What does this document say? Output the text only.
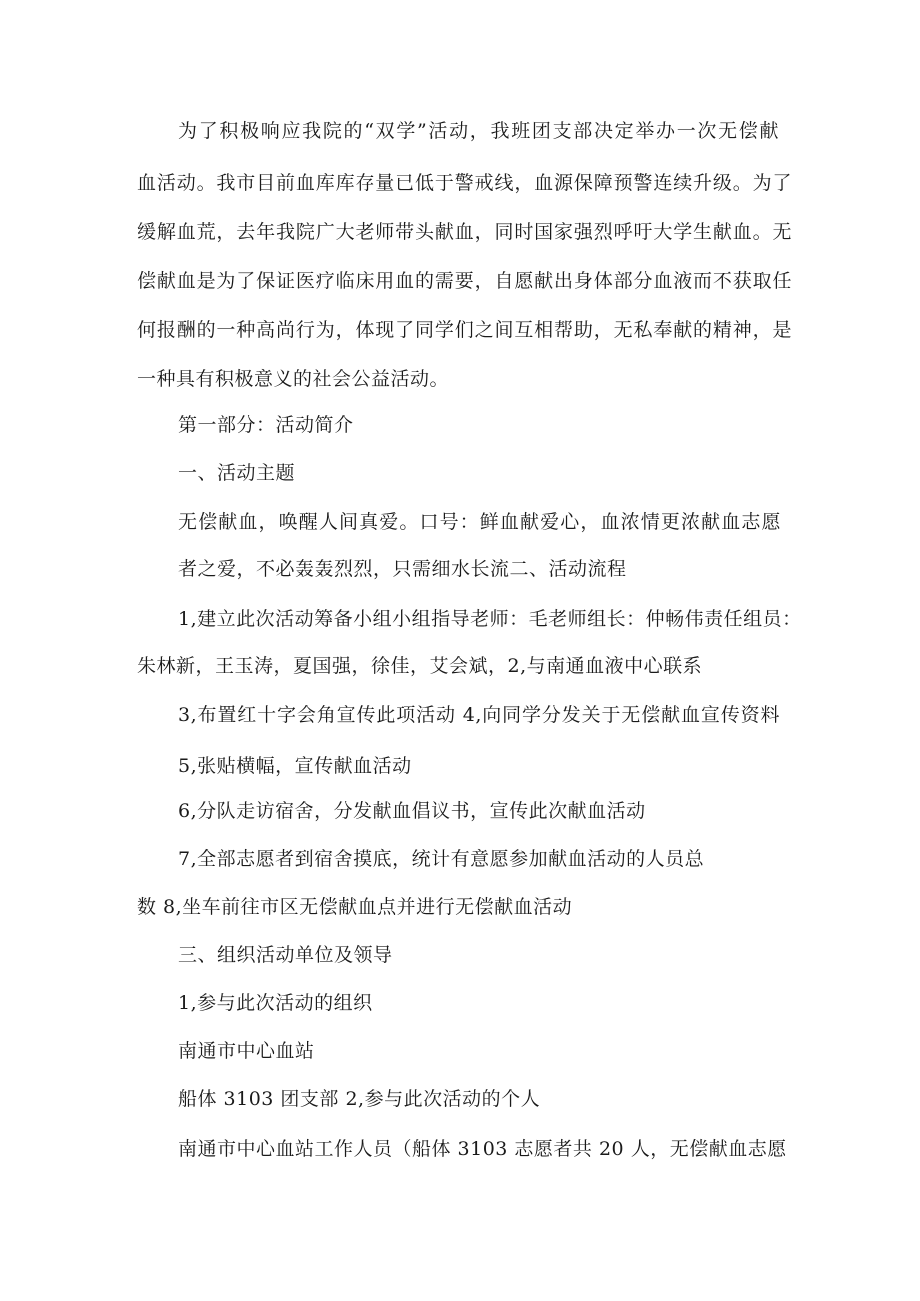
为了积极响应我院的“双学”活动，我班团支部决定举办一次无偿献
血活动。我市目前血库库存量已低于警戒线，血源保障预警连续升级。为了
缓解血荒，去年我院广大老师带头献血，同时国家强烈呼吁大学生献血。无
偿献血是为了保证医疗临床用血的需要，自愿献出身体部分血液而不获取任
何报酬的一种高尚行为，体现了同学们之间互相帮助，无私奉献的精神，是
一种具有积极意义的社会公益活动。
第一部分：活动简介
一、活动主题
无偿献血，唤醒人间真爱。口号：鲜血献爱心，血浓情更浓献血志愿
者之爱，不必轰轰烈烈，只需细水长流二、活动流程
1,建立此次活动筹备小组小组指导老师：毛老师组长：仲畅伟责任组员：
朱林新，王玉涛，夏国强，徐佳，艾会斌，2,与南通血液中心联系
3,布置红十字会角宣传此项活动 4,向同学分发关于无偿献血宣传资料
5,张贴横幅，宣传献血活动
6,分队走访宿舍，分发献血倡议书，宣传此次献血活动
7,全部志愿者到宿舍摸底，统计有意愿参加献血活动的人员总
数 8,坐车前往市区无偿献血点并进行无偿献血活动
三、组织活动单位及领导
1,参与此次活动的组织
南通市中心血站
船体 3103 团支部 2,参与此次活动的个人
南通市中心血站工作人员（船体 3103 志愿者共 20 人，无偿献血志愿
